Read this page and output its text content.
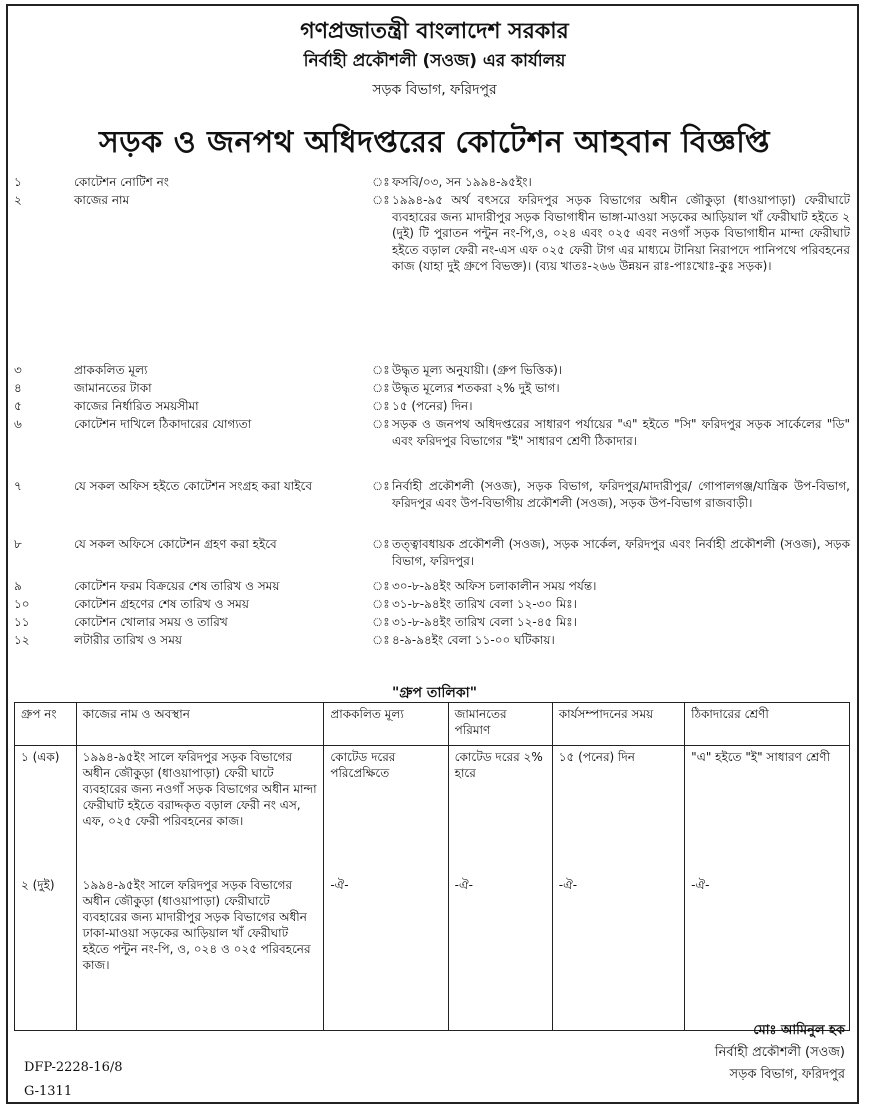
গণপ্রজাতন্ত্রী বাংলাদেশ সরকার
নির্বাহী প্রকৌশলী (সওজ) এর কার্যালয়
সড়ক বিভাগ, ফরিদপুর
সড়ক ও জনপথ অধিদপ্তরের কোটেশন আহবান বিজ্ঞপ্তি
১	কোটেশন নোটিশ নং	ঃ ফসবি/০৩, সন ১৯৯৪-৯৫ইং।
২	কাজের নাম	ঃ ১৯৯৪-৯৫ অর্থ বৎসরে ফরিদপুর সড়ক বিভাগের অধীন জৌকুড়া (ধাওয়াপাড়া) ফেরীঘাটে ব্যবহারের জন্য মাদারীপুর সড়ক বিভাগাধীন ভাঙ্গা-মাওয়া সড়কের আড়িয়াল খাঁ ফেরীঘাট হইতে ২ (দুই) টি পুরাতন পন্টুন নং-পি,ও, ০২৪ এবং ০২৫ এবং নওগাঁ সড়ক বিভাগাধীন মান্দা ফেরীঘাট হইতে বড়াল ফেরী নং-এস এফ ০২৫ ফেরী টাগ এর মাধ্যমে টানিয়া নিরাপদে পানিপথে পরিবহনের কাজ (যাহা দুই গ্রুপে বিভক্ত)। (ব্যয় খাতঃ-২৬৬ উন্নয়ন রাঃ-পাঃখোঃ-কুঃ সড়ক)।
৩	প্রাককলিত মূল্য	ঃ উদ্ধৃত মূল্য অনুযায়ী। (গ্রুপ ভিত্তিক)।
৪	জামানতের টাকা	ঃ উদ্ধৃত মূল্যের শতকরা ২% দুই ভাগ।
৫	কাজের নির্ধারিত সময়সীমা	ঃ ১৫ (পনের) দিন।
৬	কোটেশন দাখিলে ঠিকাদারের যোগ্যতা	ঃ সড়ক ও জনপথ অধিদপ্তরের সাধারণ পর্যায়ের "এ" হইতে "সি" ফরিদপুর সড়ক সার্কেলের "ডি" এবং ফরিদপুর বিভাগের "ই" সাধারণ শ্রেণী ঠিকাদার।
৭	যে সকল অফিস হইতে কোটেশন সংগ্রহ করা যাইবে	ঃ নির্বাহী প্রকৌশলী (সওজ), সড়ক বিভাগ, ফরিদপুর/মাদারীপুর/ গোপালগঞ্জ/যান্ত্রিক উপ-বিভাগ, ফরিদপুর এবং উপ-বিভাগীয় প্রকৌশলী (সওজ), সড়ক উপ-বিভাগ রাজবাড়ী।
৮	যে সকল অফিসে কোটেশন গ্রহণ করা হইবে	ঃ তত্ত্বাবধায়ক প্রকৌশলী (সওজ), সড়ক সার্কেল, ফরিদপুর এবং নির্বাহী প্রকৌশলী (সওজ), সড়ক বিভাগ, ফরিদপুর।
৯	কোটেশন ফরম বিক্রয়ের শেষ তারিখ ও সময়	ঃ ৩০-৮-৯৪ইং অফিস চলাকালীন সময় পর্যন্ত।
১০	কোটেশন গ্রহণের শেষ তারিখ ও সময়	ঃ ৩১-৮-৯৪ইং তারিখ বেলা ১২-৩০ মিঃ।
১১	কোটেশন খোলার সময় ও তারিখ	ঃ ৩১-৮-৯৪ইং তারিখ বেলা ১২-৪৫ মিঃ।
১২	লটারীর তারিখ ও সময়	ঃ ৪-৯-৯৪ইং বেলা ১১-০০ ঘটিকায়।
"গ্রুপ তালিকা"
গ্রুপ নং	কাজের নাম ও অবস্থান	প্রাককলিত মূল্য	জামানতের পরিমাণ	কার্যসম্পাদনের সময়	ঠিকাদারের শ্রেণী
১ (এক)	১৯৯৪-৯৫ইং সালে ফরিদপুর সড়ক বিভাগের অধীন জৌকুড়া (ধাওয়াপাড়া) ফেরী ঘাটে ব্যবহারের জন্য নওগাঁ সড়ক বিভাগের অধীন মান্দা ফেরীঘাট হইতে বরাদ্দকৃত বড়াল ফেরী নং এস, এফ, ০২৫ ফেরী পরিবহনের কাজ।	কোটেড দরের পরিপ্রেক্ষিতে	কোটেড দরের ২% হারে	১৫ (পনের) দিন	"এ" হইতে "ই" সাধারণ শ্রেণী
২ (দুই)	১৯৯৪-৯৫ইং সালে ফরিদপুর সড়ক বিভাগের অধীন জৌকুড়া (ধাওয়াপাড়া) ফেরীঘাটে ব্যবহারের জন্য মাদারীপুর সড়ক বিভাগের অধীন ঢাকা-মাওয়া সড়কের আড়িয়াল খাঁ ফেরীঘাট হইতে পন্টুন নং-পি, ও, ০২৪ ও ০২৫ পরিবহনের কাজ।	-ঐ-	-ঐ-	-ঐ-	-ঐ-
মোঃ আমিনুল হক
নির্বাহী প্রকৌশলী (সওজ)
সড়ক বিভাগ, ফরিদপুর
DFP-2228-16/8
G-1311
